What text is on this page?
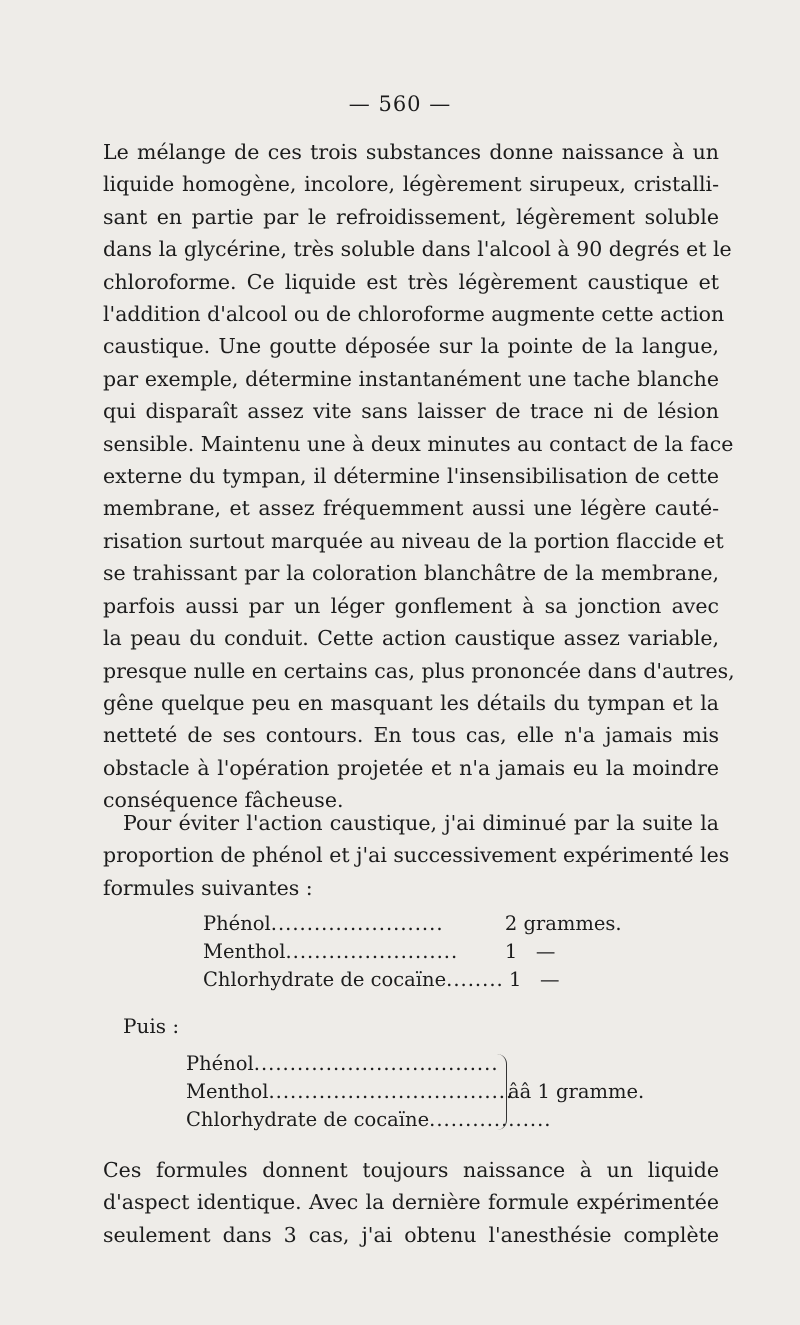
— 560 —
Le mélange de ces trois substances donne naissance à un
liquide homogène, incolore, légèrement sirupeux, cristalli-
sant en partie par le refroidissement, légèrement soluble
dans la glycérine, très soluble dans l'alcool à 90 degrés et le
chloroforme. Ce liquide est très légèrement caustique et
l'addition d'alcool ou de chloroforme augmente cette action
caustique. Une goutte déposée sur la pointe de la langue,
par exemple, détermine instantanément une tache blanche
qui disparaît assez vite sans laisser de trace ni de lésion
sensible. Maintenu une à deux minutes au contact de la face
externe du tympan, il détermine l'insensibilisation de cette
membrane, et assez fréquemment aussi une légère cauté-
risation surtout marquée au niveau de la portion flaccide et
se trahissant par la coloration blanchâtre de la membrane,
parfois aussi par un léger gonflement à sa jonction avec
la peau du conduit. Cette action caustique assez variable,
presque nulle en certains cas, plus prononcée dans d'autres,
gêne quelque peu en masquant les détails du tympan et la
netteté de ses contours. En tous cas, elle n'a jamais mis
obstacle à l'opération projetée et n'a jamais eu la moindre
conséquence fâcheuse.
Pour éviter l'action caustique, j'ai diminué par la suite la
proportion de phénol et j'ai successivement expérimenté les
formules suivantes :
Phénol ........................	2 grammes.
Menthol ........................	1   —
Chlorhydrate de cocaïne ........ 1   —
Puis :
Phénol ..................................
Menthol ..................................
Chlorhydrate de cocaïne .................
ââ 1 gramme.
Ces formules donnent toujours naissance à un liquide
d'aspect identique. Avec la dernière formule expérimentée
seulement dans 3 cas, j'ai obtenu l'anesthésie complète
